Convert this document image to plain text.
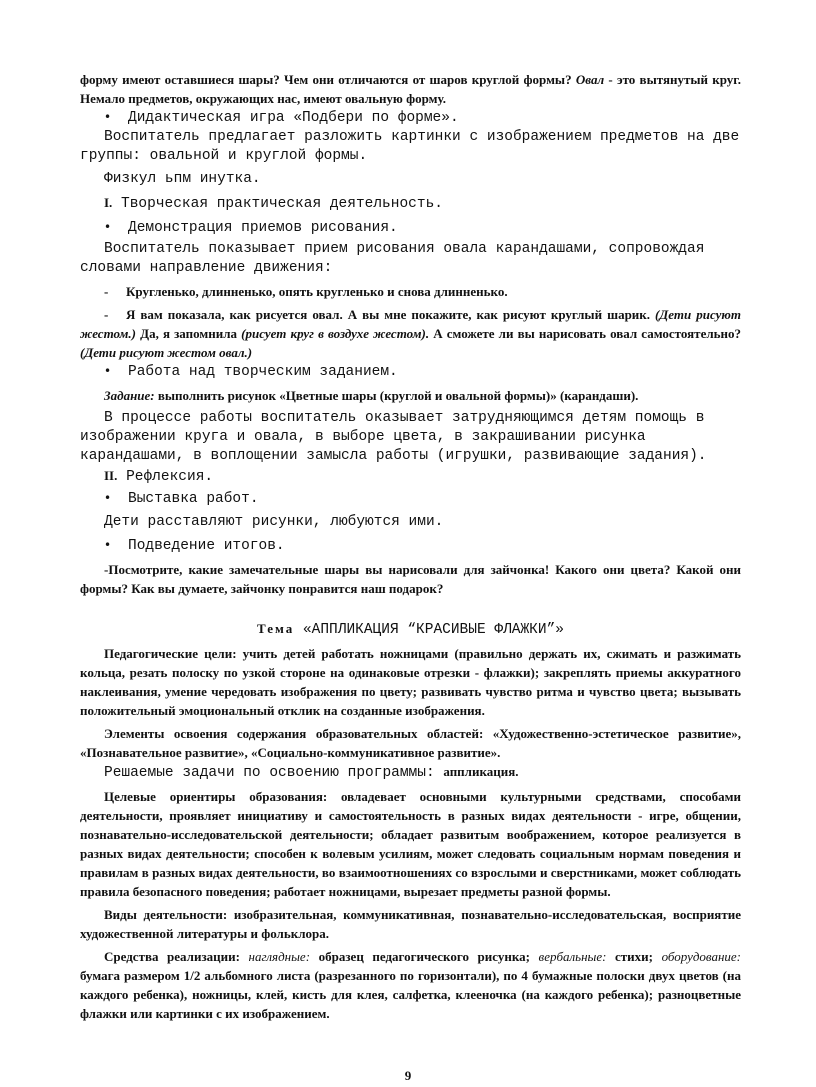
форму имеют оставшиеся шары? Чем они отличаются от шаров круглой формы? Овал - это вытянутый круг. Немало предметов, окружающих нас, имеют овальную форму.

• Дидактическая игра «Подбери по форме».

Воспитатель предлагает разложить картинки с изображением предметов на две группы: овальной и круглой формы.

Физкул ьпм инутка.

I. Творческая практическая деятельность.

• Демонстрация приемов рисования.

Воспитатель показывает прием рисования овала карандашами, сопровождая словами направление движения:

- Кругленько, длинненько, опять кругленько и снова длинненько.

- Я вам показала, как рисуется овал. А вы мне покажите, как рисуют круглый шарик. (Дети рисуют жестом.) Да, я запомнила (рисует круг в воздухе жестом). А сможете ли вы нарисовать овал самостоятельно? (Дети рисуют жестом овал.)

• Работа над творческим заданием.

Задание: выполнить рисунок «Цветные шары (круглой и овальной формы)» (карандаши).

В процессе работы воспитатель оказывает затрудняющимся детям помощь в изображении круга и овала, в выборе цвета, в закрашивании рисунка карандашами, в воплощении замысла работы (игрушки, развивающие задания).

II. Рефлексия.

• Выставка работ.

Дети расставляют рисунки, любуются ими.

• Подведение итогов.

-Посмотрите, какие замечательные шары вы нарисовали для зайчонка! Какого они цвета? Какой они формы? Как вы думаете, зайчонку понравится наш подарок?

Тема «АППЛИКАЦИЯ “КРАСИВЫЕ ФЛАЖКИ”»

Педагогические цели: учить детей работать ножницами (правильно держать их, сжимать и разжимать кольца, резать полоску по узкой стороне на одинаковые отрезки - флажки); закреплять приемы аккуратного наклеивания, умение чередовать изображения по цвету; развивать чувство ритма и чувство цвета; вызывать положительный эмоциональный отклик на созданные изображения.

Элементы освоения содержания образовательных областей: «Художественно-эстетическое развитие», «Познавательное развитие», «Социально-коммуникативное развитие».

Решаемые задачи по освоению программы: аппликация.

Целевые ориентиры образования: овладевает основными культурными средствами, способами деятельности, проявляет инициативу и самостоятельность в разных видах деятельности - игре, общении, познавательно-исследовательской деятельности; обладает развитым воображением, которое реализуется в разных видах деятельности; способен к волевым усилиям, может следовать социальным нормам поведения и правилам в разных видах деятельности, во взаимоотношениях со взрослыми и сверстниками, может соблюдать правила безопасного поведения; работает ножницами, вырезает предметы разной формы.

Виды деятельности: изобразительная, коммуникативная, познавательно-исследовательская, восприятие художественной литературы и фольклора.

Средства реализации: наглядные: образец педагогического рисунка; вербальные: стихи; оборудование: бумага размером 1/2 альбомного листа (разрезанного по горизонтали), по 4 бумажные полоски двух цветов (на каждого ребенка), ножницы, клей, кисть для клея, салфетка, клееночка (на каждого ребенка); разноцветные флажки или картинки с их изображением.

9
